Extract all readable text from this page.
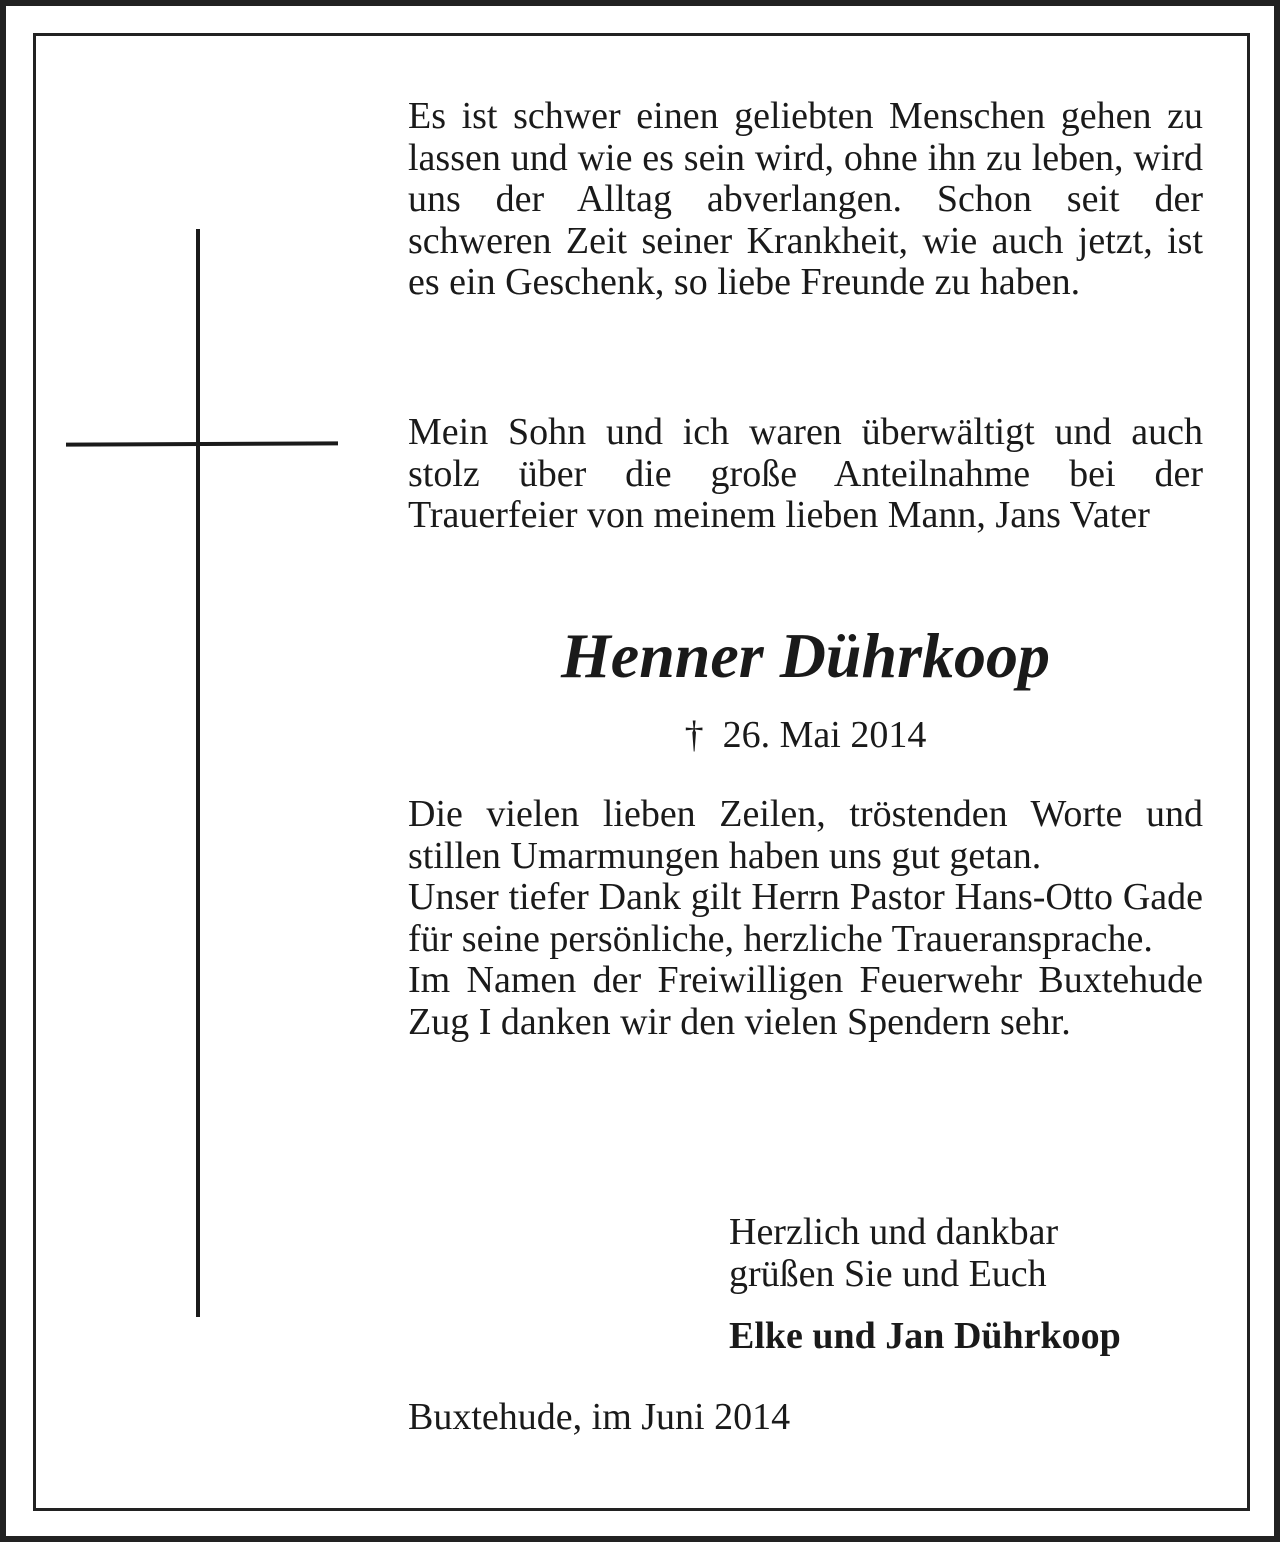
Es ist schwer einen geliebten Menschen gehen zu lassen und wie es sein wird, ohne ihn zu leben, wird uns der Alltag abverlangen. Schon seit der schweren Zeit seiner Krankheit, wie auch jetzt, ist es ein Geschenk, so liebe Freunde zu haben.
Mein Sohn und ich waren überwältigt und auch stolz über die große Anteilnahme bei der Trauerfeier von meinem lieben Mann, Jans Vater
Henner Dührkoop
† 26. Mai 2014
Die vielen lieben Zeilen, tröstenden Worte und stillen Umarmungen haben uns gut getan.
Unser tiefer Dank gilt Herrn Pastor Hans-Otto Gade für seine persönliche, herzliche Traueransprache.
Im Namen der Freiwilligen Feuerwehr Buxtehude Zug I danken wir den vielen Spendern sehr.
Herzlich und dankbar
grüßen Sie und Euch
Elke und Jan Dührkoop
Buxtehude, im Juni 2014
